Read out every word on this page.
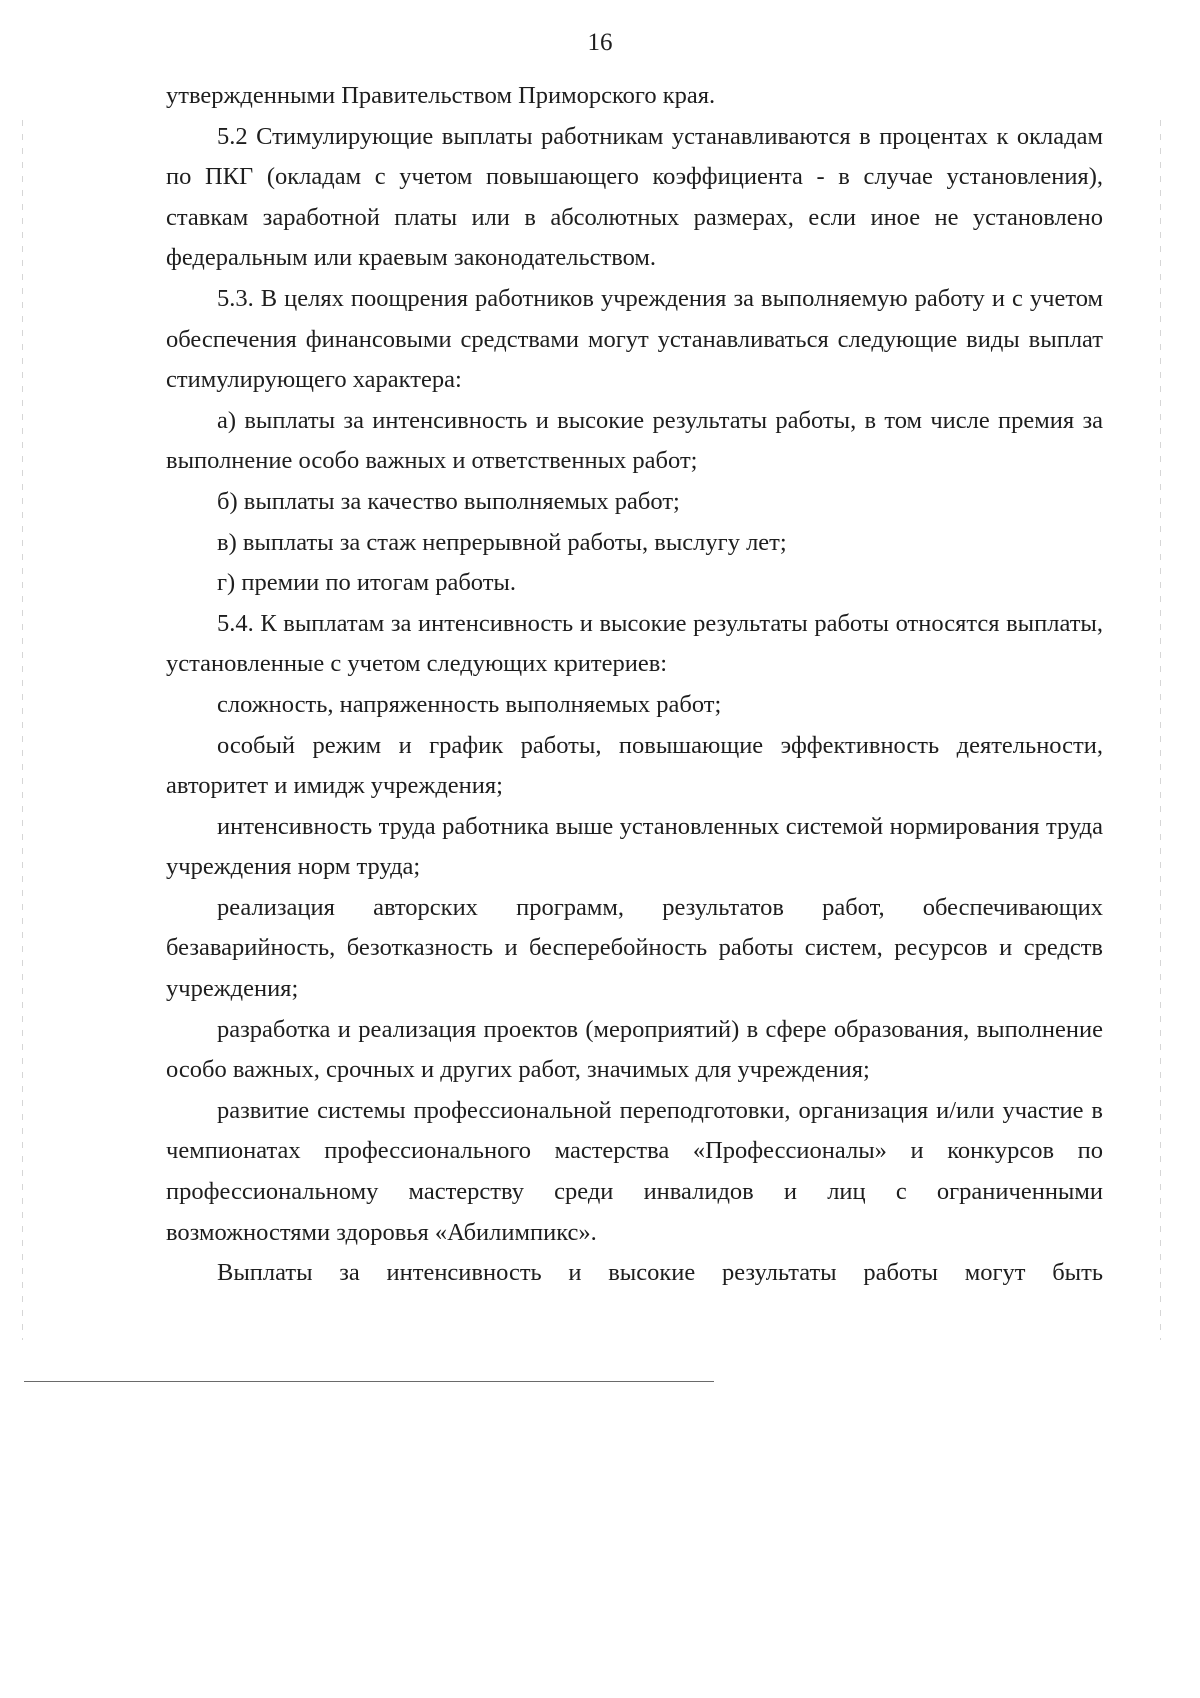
16

утвержденными Правительством Приморского края.

5.2 Стимулирующие выплаты работникам устанавливаются в процентах к окладам по ПКГ (окладам с учетом повышающего коэффициента - в случае установления), ставкам заработной платы или в абсолютных размерах, если иное не установлено федеральным или краевым законодательством.

5.3. В целях поощрения работников учреждения за выполняемую работу и с учетом обеспечения финансовыми средствами могут устанавливаться следующие виды выплат стимулирующего характера:

а) выплаты за интенсивность и высокие результаты работы, в том числе премия за выполнение особо важных и ответственных работ;

б) выплаты за качество выполняемых работ;

в) выплаты за стаж непрерывной работы, выслугу лет;

г) премии по итогам работы.

5.4. К выплатам за интенсивность и высокие результаты работы относятся выплаты, установленные с учетом следующих критериев:

сложность, напряженность выполняемых работ;

особый режим и график работы, повышающие эффективность деятельности, авторитет и имидж учреждения;

интенсивность труда работника выше установленных системой нормирования труда учреждения норм труда;

реализация авторских программ, результатов работ, обеспечивающих безаварийность, безотказность и бесперебойность работы систем, ресурсов и средств учреждения;

разработка и реализация проектов (мероприятий) в сфере образования, выполнение особо важных, срочных и других работ, значимых для учреждения;

развитие системы профессиональной переподготовки, организация и/или участие в чемпионатах профессионального мастерства «Профессионалы» и конкурсов по профессиональному мастерству среди инвалидов и лиц с ограниченными возможностями здоровья «Абилимпикс».

Выплаты за интенсивность и высокие результаты работы могут быть
